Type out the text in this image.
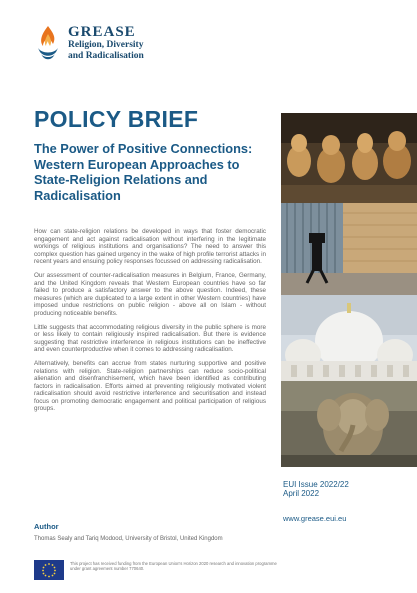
GREASE
Religion, Diversity
and Radicalisation
POLICY BRIEF
The Power of Positive Connections: Western European Approaches to State-Religion Relations and Radicalisation

How can state-religion relations be developed in ways that foster democratic engagement and act against radicalisation without interfering in the legitimate workings of religious institutions and organisations? The need to answer this complex question has gained urgency in the wake of high profile terrorist attacks in recent years and ensuing policy responses focussed on addressing radicalisation.

Our assessment of counter-radicalisation measures in Belgium, France, Germany, and the United Kingdom reveals that Western European countries have so far failed to produce a satisfactory answer to the above question. Indeed, these measures (which are duplicated to a large extent in other Western countries) have imposed undue restrictions on public religion - above all on Islam - without producing noticeable benefits.

Little suggests that accommodating religious diversity in the public sphere is more or less likely to contain religiously inspired radicalisation. But there is evidence suggesting that restrictive interference in religious institutions can be ineffective and even counterproductive when it comes to addressing radicalisation.

Alternatively, benefits can accrue from states nurturing supportive and positive relations with religion. State-religion partnerships can reduce socio-political alienation and disenfranchisement, which have been identified as contributing factors in radicalisation. Efforts aimed at preventing religiously motivated violent radicalisation should avoid restrictive interference and securitisation and instead focus on promoting democratic engagement and political participation of religious groups.

EUI Issue 2022/22
April 2022
www.grease.eui.eu
Author
Thomas Sealy and Tariq Modood, University of Bristol, United Kingdom
This project has received funding from the European Union's Horizon 2020 research and innovation programme under grant agreement number 770640.
